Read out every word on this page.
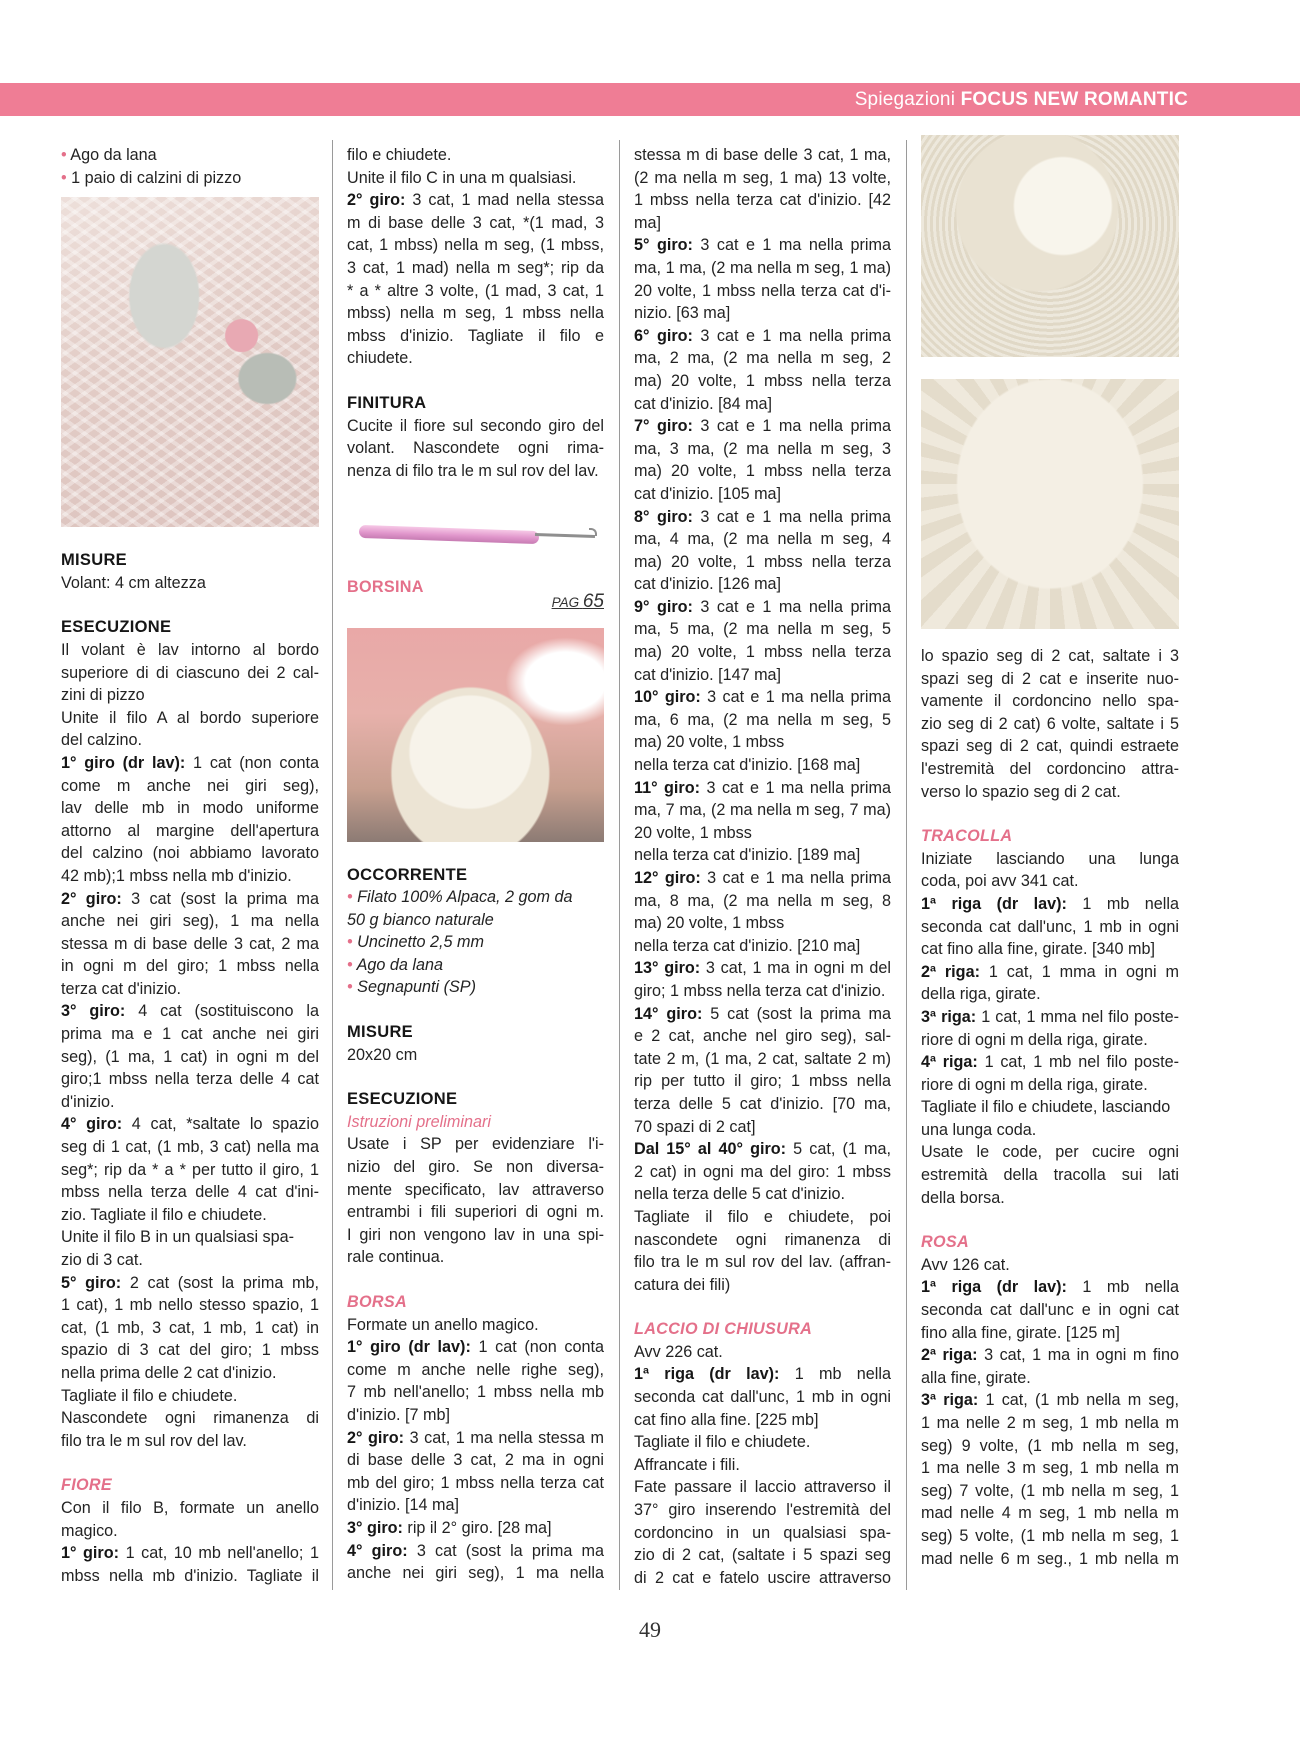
Spiegazioni FOCUS NEW ROMANTIC
• Ago da lana
• 1 paio di calzini di pizzo
MISURE
Volant: 4 cm altezza
ESECUZIONE
Il volant è lav intorno al bordo
superiore di di ciascuno dei 2 cal-
zini di pizzo
Unite il filo A al bordo superiore
del calzino.
1° giro (dr lav): 1 cat (non conta
come m anche nei giri seg),
lav delle mb in modo uniforme
attorno al margine dell'apertura
del calzino (noi abbiamo lavorato
42 mb);1 mbss nella mb d'inizio.
2° giro: 3 cat (sost la prima ma
anche nei giri seg), 1 ma nella
stessa m di base delle 3 cat, 2 ma
in ogni m del giro; 1 mbss nella
terza cat d'inizio.
3° giro: 4 cat (sostituiscono la
prima ma e 1 cat anche nei giri
seg), (1 ma, 1 cat) in ogni m del
giro;1 mbss nella terza delle 4 cat
d'inizio.
4° giro: 4 cat, *saltate lo spazio
seg di 1 cat, (1 mb, 3 cat) nella ma
seg*; rip da * a * per tutto il giro, 1
mbss nella terza delle 4 cat d'ini-
zio. Tagliate il filo e chiudete.
Unite il filo B in un qualsiasi spa-
zio di 3 cat.
5° giro: 2 cat (sost la prima mb,
1 cat), 1 mb nello stesso spazio, 1
cat, (1 mb, 3 cat, 1 mb, 1 cat) in
spazio di 3 cat del giro; 1 mbss
nella prima delle 2 cat d'inizio.
Tagliate il filo e chiudete.
Nascondete ogni rimanenza di
filo tra le m sul rov del lav.
FIORE
Con il filo B, formate un anello
magico.
1° giro: 1 cat, 10 mb nell'anello; 1
mbss nella mb d'inizio. Tagliate il
filo e chiudete.
Unite il filo C in una m qualsiasi.
2° giro: 3 cat, 1 mad nella stessa
m di base delle 3 cat, *(1 mad, 3
cat, 1 mbss) nella m seg, (1 mbss,
3 cat, 1 mad) nella m seg*; rip da
* a * altre 3 volte, (1 mad, 3 cat, 1
mbss) nella m seg, 1 mbss nella
mbss d'inizio. Tagliate il filo e
chiudete.
FINITURA
Cucite il fiore sul secondo giro del
volant. Nascondete ogni rima-
nenza di filo tra le m sul rov del lav.
BORSINA
PAG 65
OCCORRENTE
• Filato 100% Alpaca, 2 gom da
50 g bianco naturale
• Uncinetto 2,5 mm
• Ago da lana
• Segnapunti (SP)
MISURE
20x20 cm
ESECUZIONE
Istruzioni preliminari
Usate i SP per evidenziare l'i-
nizio del giro. Se non diversa-
mente specificato, lav attraverso
entrambi i fili superiori di ogni m.
I giri non vengono lav in una spi-
rale continua.
BORSA
Formate un anello magico.
1° giro (dr lav): 1 cat (non conta
come m anche nelle righe seg),
7 mb nell'anello; 1 mbss nella mb
d'inizio. [7 mb]
2° giro: 3 cat, 1 ma nella stessa m
di base delle 3 cat, 2 ma in ogni
mb del giro; 1 mbss nella terza cat
d'inizio. [14 ma]
3° giro: rip il 2° giro. [28 ma]
4° giro: 3 cat (sost la prima ma
anche nei giri seg), 1 ma nella
stessa m di base delle 3 cat, 1 ma,
(2 ma nella m seg, 1 ma) 13 volte,
1 mbss nella terza cat d'inizio. [42
ma]
5° giro: 3 cat e 1 ma nella prima
ma, 1 ma, (2 ma nella m seg, 1 ma)
20 volte, 1 mbss nella terza cat d'i-
nizio. [63 ma]
6° giro: 3 cat e 1 ma nella prima
ma, 2 ma, (2 ma nella m seg, 2
ma) 20 volte, 1 mbss nella terza
cat d'inizio. [84 ma]
7° giro: 3 cat e 1 ma nella prima
ma, 3 ma, (2 ma nella m seg, 3
ma) 20 volte, 1 mbss nella terza
cat d'inizio. [105 ma]
8° giro: 3 cat e 1 ma nella prima
ma, 4 ma, (2 ma nella m seg, 4
ma) 20 volte, 1 mbss nella terza
cat d'inizio. [126 ma]
9° giro: 3 cat e 1 ma nella prima
ma, 5 ma, (2 ma nella m seg, 5
ma) 20 volte, 1 mbss nella terza
cat d'inizio. [147 ma]
10° giro: 3 cat e 1 ma nella prima
ma, 6 ma, (2 ma nella m seg, 5
ma) 20 volte, 1 mbss
nella terza cat d'inizio. [168 ma]
11° giro: 3 cat e 1 ma nella prima
ma, 7 ma, (2 ma nella m seg, 7 ma)
20 volte, 1 mbss
nella terza cat d'inizio. [189 ma]
12° giro: 3 cat e 1 ma nella prima
ma, 8 ma, (2 ma nella m seg, 8
ma) 20 volte, 1 mbss
nella terza cat d'inizio. [210 ma]
13° giro: 3 cat, 1 ma in ogni m del
giro; 1 mbss nella terza cat d'inizio.
14° giro: 5 cat (sost la prima ma
e 2 cat, anche nel giro seg), sal-
tate 2 m, (1 ma, 2 cat, saltate 2 m)
rip per tutto il giro; 1 mbss nella
terza delle 5 cat d'inizio. [70 ma,
70 spazi di 2 cat]
Dal 15° al 40° giro: 5 cat, (1 ma,
2 cat) in ogni ma del giro: 1 mbss
nella terza delle 5 cat d'inizio.
Tagliate il filo e chiudete, poi
nascondete ogni rimanenza di
filo tra le m sul rov del lav. (affran-
catura dei fili)
LACCIO DI CHIUSURA
Avv 226 cat.
1ª riga (dr lav): 1 mb nella
seconda cat dall'unc, 1 mb in ogni
cat fino alla fine. [225 mb]
Tagliate il filo e chiudete.
Affrancate i fili.
Fate passare il laccio attraverso il
37° giro inserendo l'estremità del
cordoncino in un qualsiasi spa-
zio di 2 cat, (saltate i 5 spazi seg
di 2 cat e fatelo uscire attraverso
lo spazio seg di 2 cat, saltate i 3
spazi seg di 2 cat e inserite nuo-
vamente il cordoncino nello spa-
zio seg di 2 cat) 6 volte, saltate i 5
spazi seg di 2 cat, quindi estraete
l'estremità del cordoncino attra-
verso lo spazio seg di 2 cat.
TRACOLLA
Iniziate lasciando una lunga
coda, poi avv 341 cat.
1ª riga (dr lav): 1 mb nella
seconda cat dall'unc, 1 mb in ogni
cat fino alla fine, girate. [340 mb]
2ª riga: 1 cat, 1 mma in ogni m
della riga, girate.
3ª riga: 1 cat, 1 mma nel filo poste-
riore di ogni m della riga, girate.
4ª riga: 1 cat, 1 mb nel filo poste-
riore di ogni m della riga, girate.
Tagliate il filo e chiudete, lasciando
una lunga coda.
Usate le code, per cucire ogni
estremità della tracolla sui lati
della borsa.
ROSA
Avv 126 cat.
1ª riga (dr lav): 1 mb nella
seconda cat dall'unc e in ogni cat
fino alla fine, girate. [125 m]
2ª riga: 3 cat, 1 ma in ogni m fino
alla fine, girate.
3ª riga: 1 cat, (1 mb nella m seg,
1 ma nelle 2 m seg, 1 mb nella m
seg) 9 volte, (1 mb nella m seg,
1 ma nelle 3 m seg, 1 mb nella m
seg) 7 volte, (1 mb nella m seg, 1
mad nelle 4 m seg, 1 mb nella m
seg) 5 volte, (1 mb nella m seg, 1
mad nelle 6 m seg., 1 mb nella m
49
